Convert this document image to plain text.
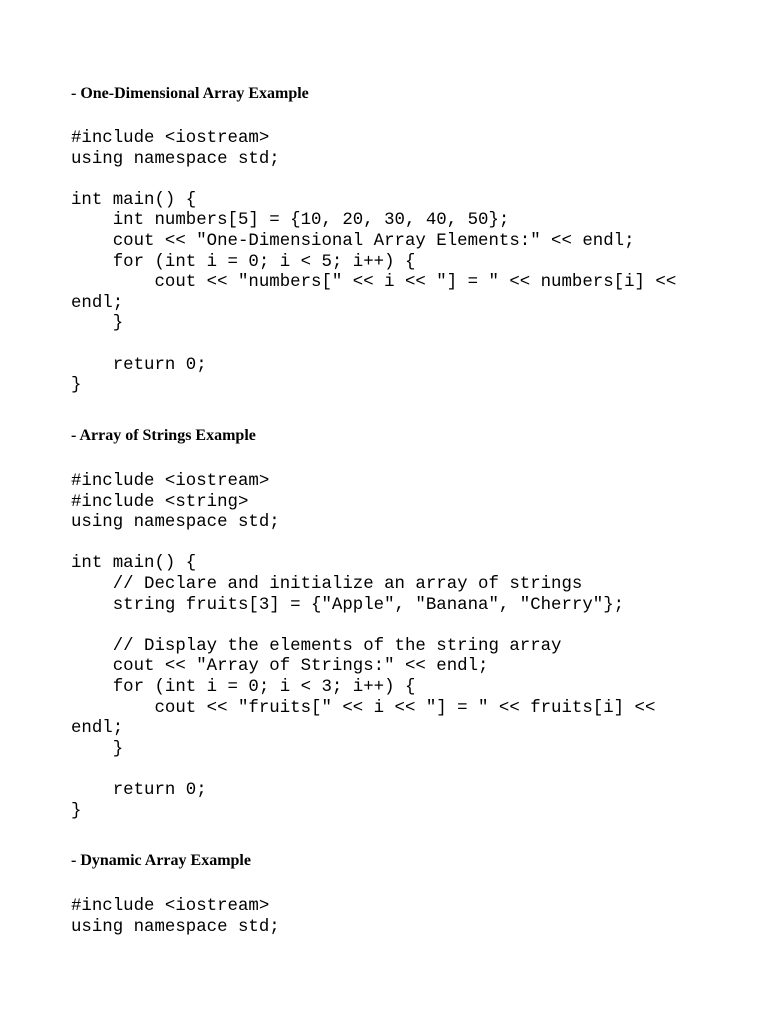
- One-Dimensional Array Example
#include <iostream>
using namespace std;

int main() {
int numbers[5] = {10, 20, 30, 40, 50};
cout << "One-Dimensional Array Elements:" << endl;
for (int i = 0; i < 5; i++) {
cout << "numbers[" << i << "] = " << numbers[i] <<
endl;
}

return 0;
}
- Array of Strings Example
#include <iostream>
#include <string>
using namespace std;

int main() {
// Declare and initialize an array of strings
string fruits[3] = {"Apple", "Banana", "Cherry"};

// Display the elements of the string array
cout << "Array of Strings:" << endl;
for (int i = 0; i < 3; i++) {
cout << "fruits[" << i << "] = " << fruits[i] <<
endl;
}

return 0;
}
- Dynamic Array Example
#include <iostream>
using namespace std;
